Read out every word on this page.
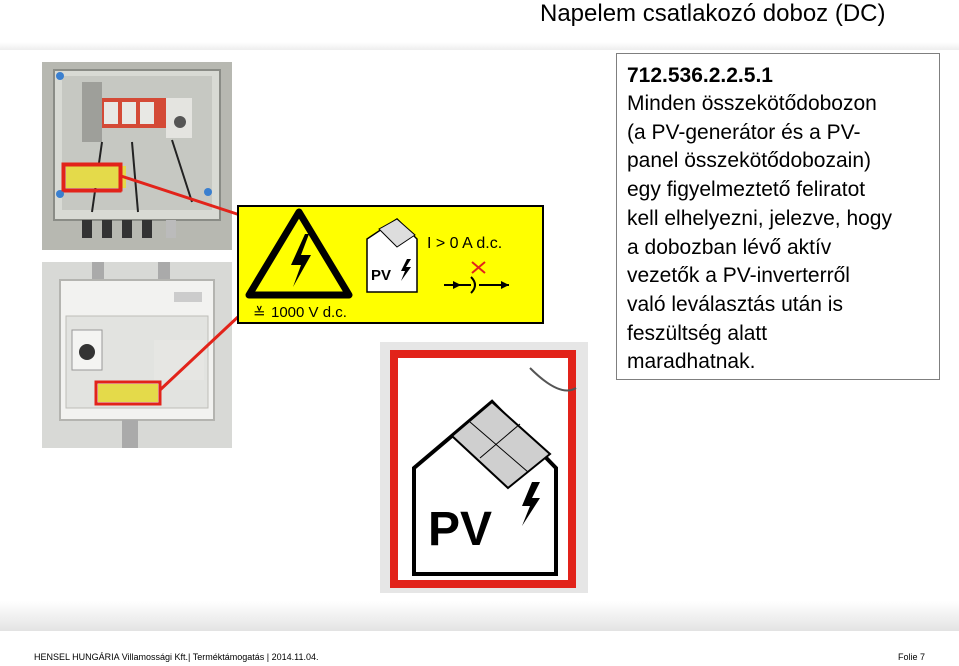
Napelem csatlakozó doboz (DC)
≚ 1000 V d.c.
I > 0 A d.c.
PV
PV
712.536.2.2.5.1
Minden összekötődobozon
(a PV-generátor és a PV-
panel összekötődobozain)
egy figyelmeztető feliratot
kell elhelyezni, jelezve, hogy
a dobozban lévő aktív
vezetők a PV-inverterről
való leválasztás után is
feszültség alatt
maradhatnak.
HENSEL HUNGÁRIA Villamossági Kft.| Terméktámogatás | 2014.11.04.	Folie 7
